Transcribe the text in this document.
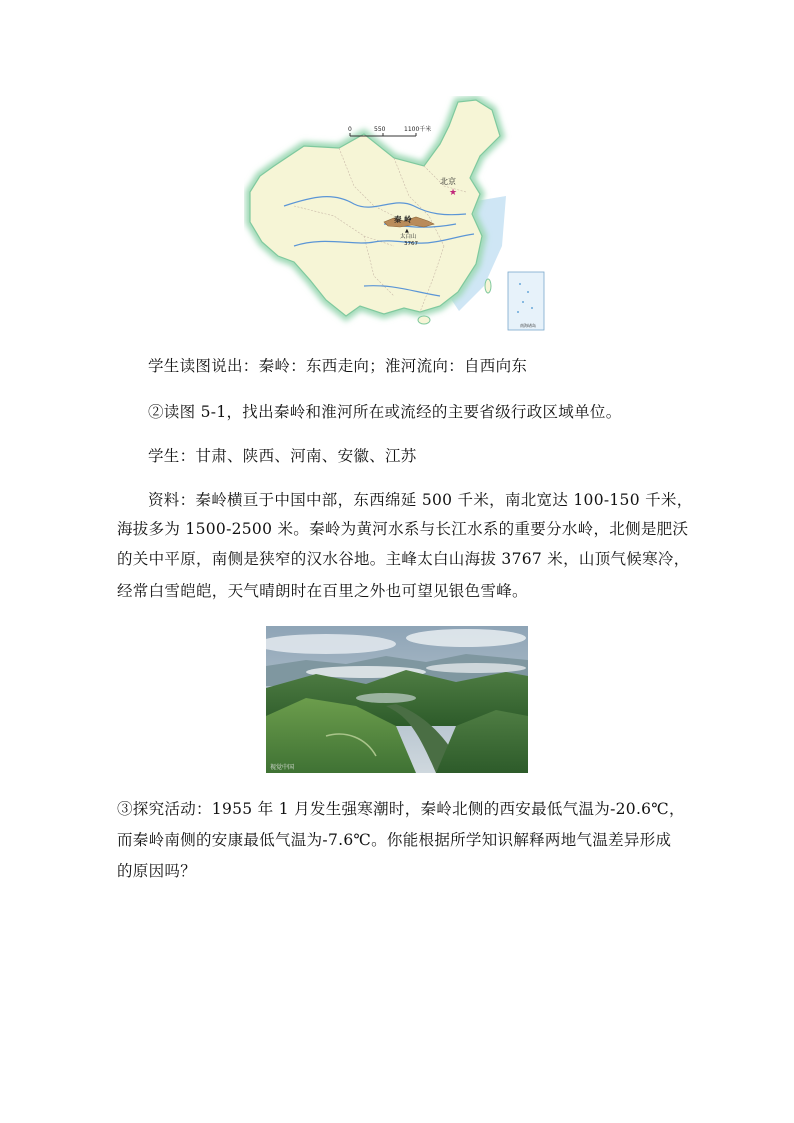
0	550	1100千米
北京
★
秦 岭
▲
太白山
3767
南海诸岛
学生读图说出：秦岭：东西走向；淮河流向：自西向东
②读图 5-1，找出秦岭和淮河所在或流经的主要省级行政区域单位。
学生：甘肃、陕西、河南、安徽、江苏
资料：秦岭横亘于中国中部，东西绵延 500 千米，南北宽达 100-150 千米，
海拔多为 1500-2500 米。秦岭为黄河水系与长江水系的重要分水岭，北侧是肥沃
的关中平原，南侧是狭窄的汉水谷地。主峰太白山海拔 3767 米，山顶气候寒冷，
经常白雪皑皑，天气晴朗时在百里之外也可望见银色雪峰。
视觉中国
③探究活动：1955 年 1 月发生强寒潮时，秦岭北侧的西安最低气温为-20.6℃，
而秦岭南侧的安康最低气温为-7.6℃。你能根据所学知识解释两地气温差异形成
的原因吗？
